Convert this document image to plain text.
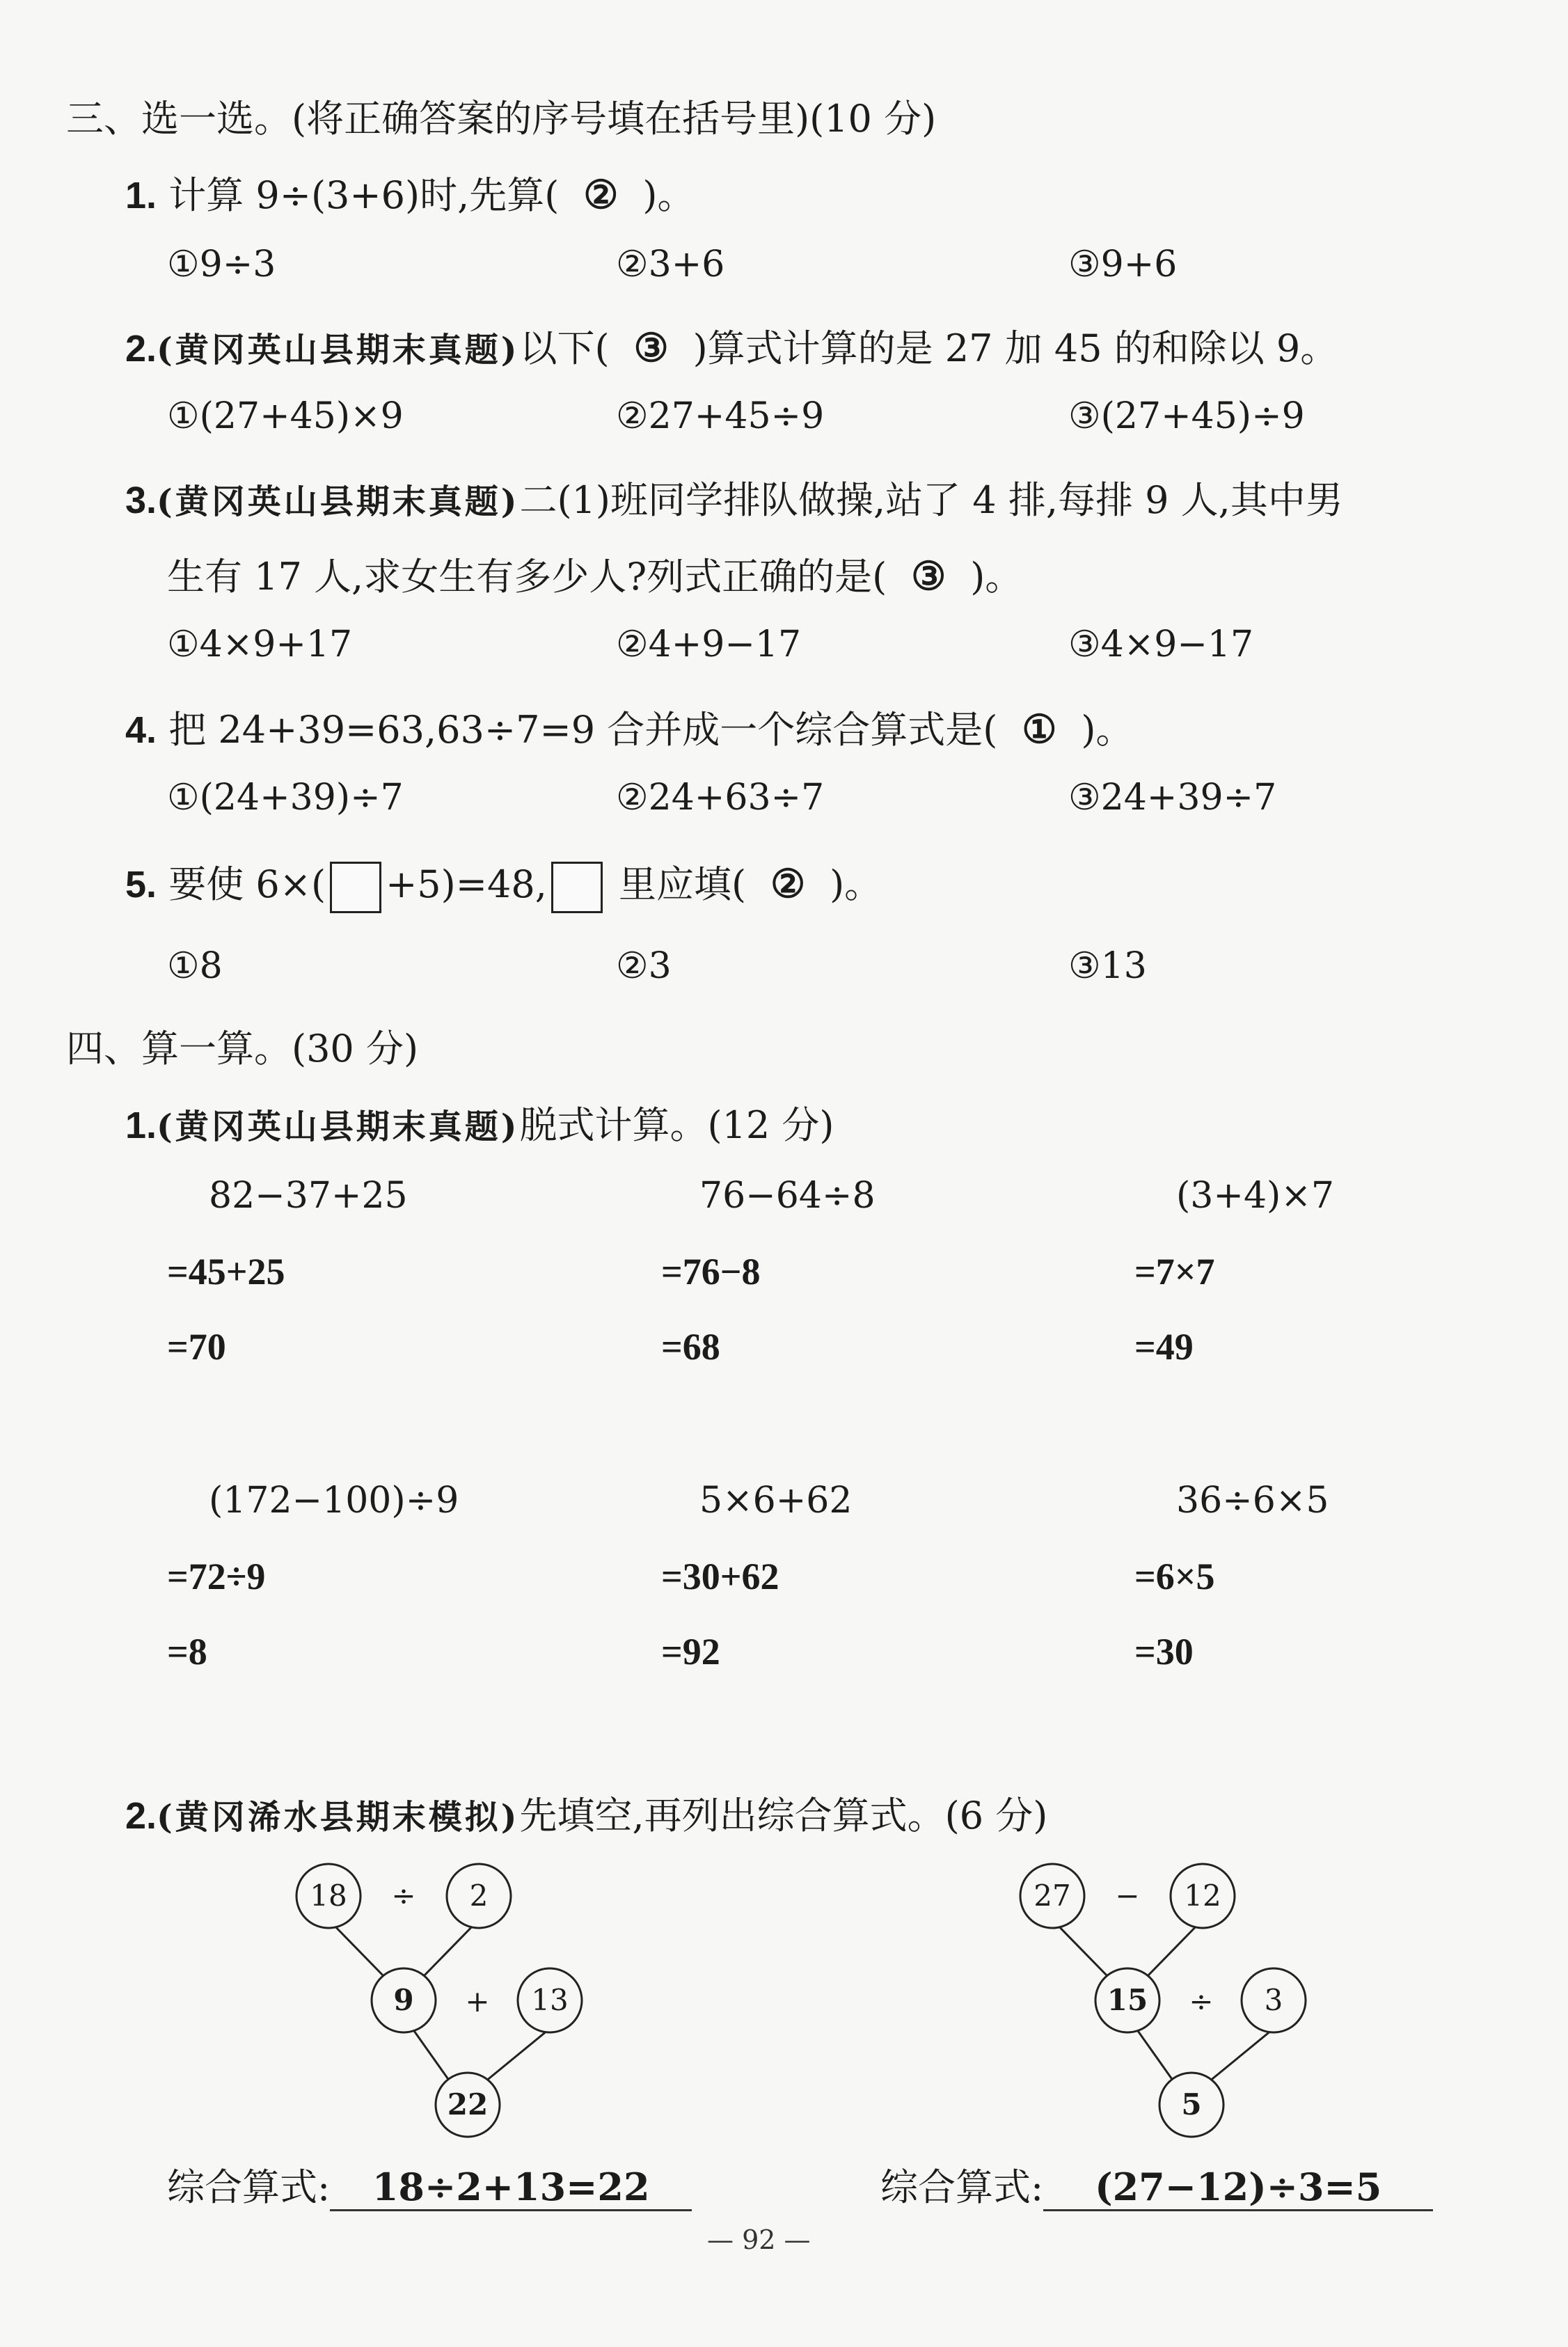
三、选一选。(将正确答案的序号填在括号里)(10 分)
1. 计算 9÷(3+6)时,先算( ② )。
①9÷3	②3+6	③9+6
2.(黄冈英山县期末真题)以下( ③ )算式计算的是 27 加 45 的和除以 9。
①(27+45)×9	②27+45÷9	③(27+45)÷9
3.(黄冈英山县期末真题)二(1)班同学排队做操,站了 4 排,每排 9 人,其中男
生有 17 人,求女生有多少人?列式正确的是( ③ )。
①4×9+17	②4+9−17	③4×9−17
4. 把 24+39=63,63÷7=9 合并成一个综合算式是( ① )。
①(24+39)÷7	②24+63÷7	③24+39÷7
5. 要使 6×( +5)=48, 里应填( ② )。
①8	②3	③13
四、算一算。(30 分)
1.(黄冈英山县期末真题)脱式计算。(12 分)
82−37+25
=45+25
=70
76−64÷8
=76−8
=68
(3+4)×7
=7×7
=49
(172−100)÷9
=72÷9
=8
5×6+62
=30+62
=92
36÷6×5
=6×5
=30
2.(黄冈浠水县期末模拟)先填空,再列出综合算式。(6 分)
18 ÷ 2
9 + 13
22
27 − 12
15 ÷ 3
5
综合算式: 18÷2+13=22	综合算式: (27−12)÷3=5
— 92 —
